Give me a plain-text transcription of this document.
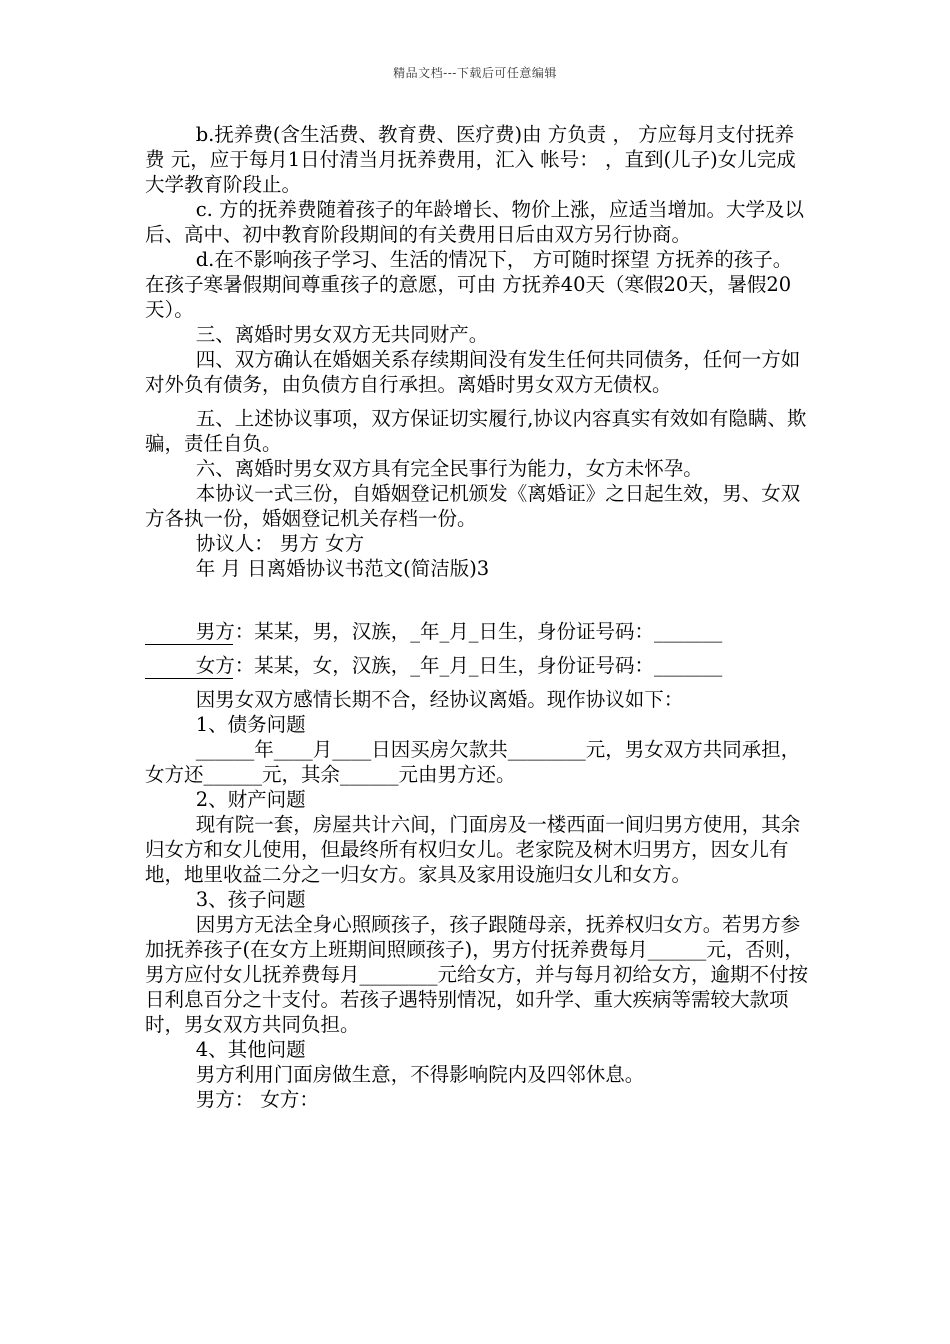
精品文档---下载后可任意编辑

b.抚养费(含生活费、教育费、医疗费)由 方负责 ， 方应每月支付抚养费 元，应于每月1日付清当月抚养费用，汇入 帐号： ，直到(儿子)女儿完成大学教育阶段止。

c. 方的抚养费随着孩子的年龄增长、物价上涨，应适当增加。大学及以后、高中、初中教育阶段期间的有关费用日后由双方另行协商。

d.在不影响孩子学习、生活的情况下， 方可随时探望 方抚养的孩子。在孩子寒暑假期间尊重孩子的意愿，可由 方抚养40天（寒假20天，暑假20天）。

三、离婚时男女双方无共同财产。

四、双方确认在婚姻关系存续期间没有发生任何共同债务，任何一方如对外负有债务，由负债方自行承担。离婚时男女双方无债权。

五、上述协议事项，双方保证切实履行,协议内容真实有效如有隐瞒、欺骗，责任自负。

六、离婚时男女双方具有完全民事行为能力，女方未怀孕。

本协议一式三份，自婚姻登记机颁发《离婚证》之日起生效，男、女双方各执一份，婚姻登记机关存档一份。

协议人： 男方 女方

年 月 日离婚协议书范文(简洁版)3

男方：某某，男，汉族，_年_月_日生，身份证号码：_______

女方：某某，女，汉族，_年_月_日生，身份证号码：_______

因男女双方感情长期不合，经协议离婚。现作协议如下：

1、债务问题

______年____月____日因买房欠款共________元，男女双方共同承担，女方还______元，其余______元由男方还。

2、财产问题

现有院一套，房屋共计六间，门面房及一楼西面一间归男方使用，其余归女方和女儿使用，但最终所有权归女儿。老家院及树木归男方，因女儿有地，地里收益二分之一归女方。家具及家用设施归女儿和女方。

3、孩子问题

因男方无法全身心照顾孩子，孩子跟随母亲，抚养权归女方。若男方参加抚养孩子(在女方上班期间照顾孩子)，男方付抚养费每月______元，否则，男方应付女儿抚养费每月________元给女方，并与每月初给女方，逾期不付按日利息百分之十支付。若孩子遇特别情况，如升学、重大疾病等需较大款项时，男女双方共同负担。

4、其他问题

男方利用门面房做生意，不得影响院内及四邻休息。

男方： 女方：
